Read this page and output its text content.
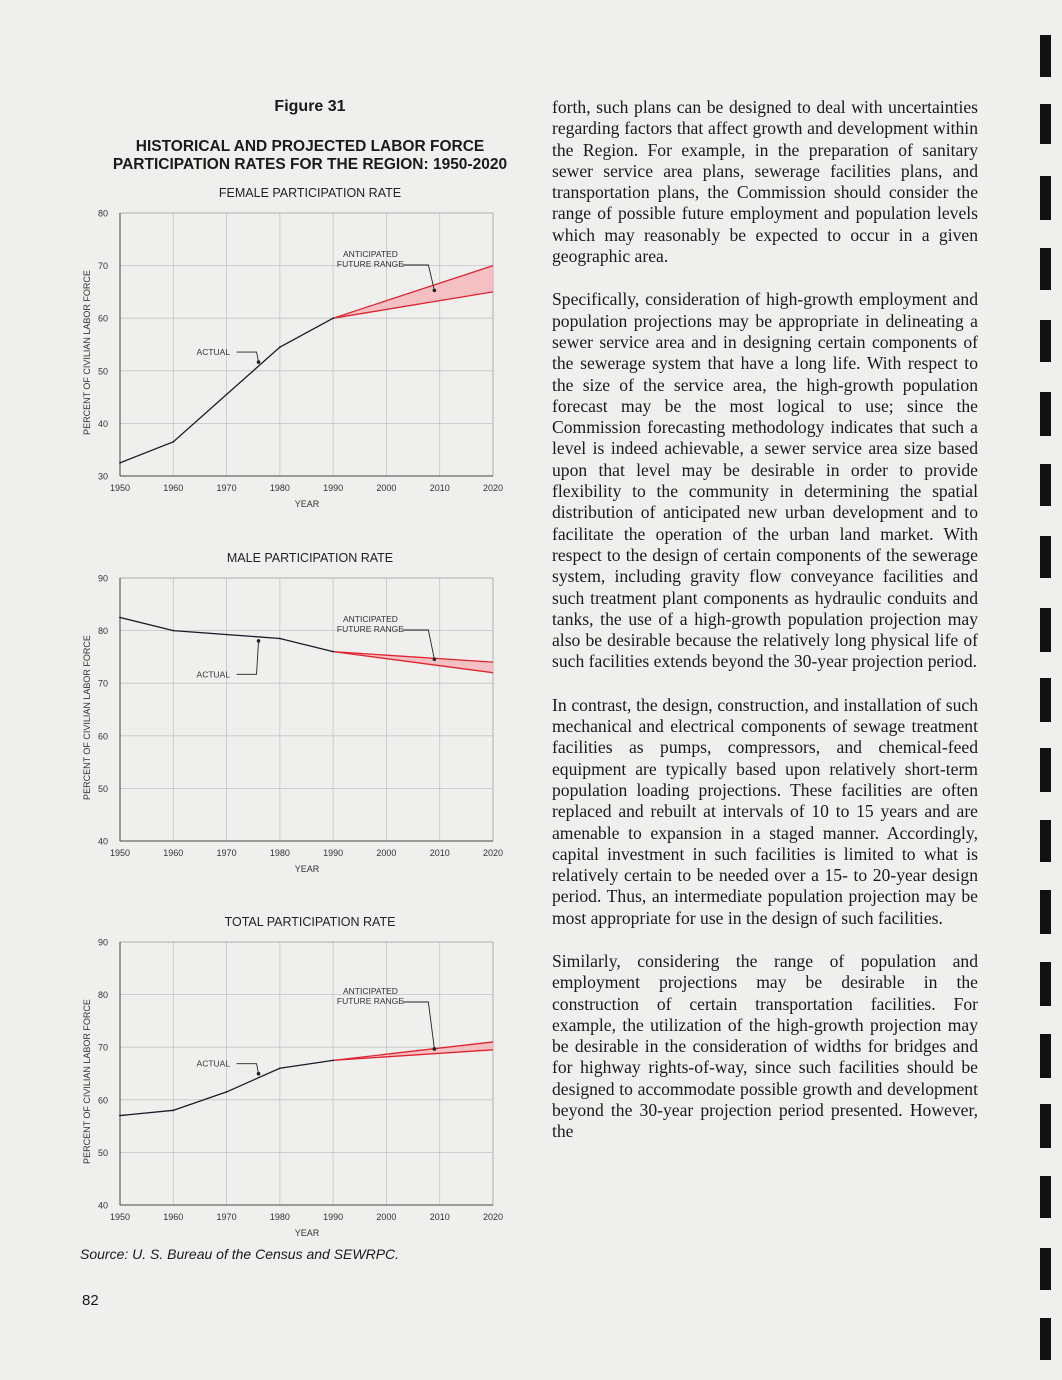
Figure 31
HISTORICAL AND PROJECTED LABOR FORCE
PARTICIPATION RATES FOR THE REGION: 1950-2020
FEMALE PARTICIPATION RATE
30
40
50
60
70
80
1950	1960	1970	1980	1990	2000	2010	2020
YEAR
PERCENT OF CIVILIAN LABOR FORCE	ACTUAL
ANTICIPATED
FUTURE RANGE
MALE PARTICIPATION RATE
40
50
60
70
80
90
1950	1960	1970	1980	1990	2000	2010	2020
YEAR
PERCENT OF CIVILIAN LABOR FORCE	ACTUAL
ANTICIPATED
FUTURE RANGE
TOTAL PARTICIPATION RATE
40
50
60
70
80
90
1950	1960	1970	1980	1990	2000	2010	2020
YEAR
PERCENT OF CIVILIAN LABOR FORCE	ACTUAL
ANTICIPATED
FUTURE RANGE
Source: U. S. Bureau of the Census and SEWRPC.
82

forth, such plans can be designed to deal with uncertainties regarding factors that affect growth and development within the Region. For example, in the preparation of sanitary sewer service area plans, sewerage facilities plans, and transportation plans, the Commission should consider the range of possible future employment and population levels which may reasonably be expected to occur in a given geographic area.

Specifically, consideration of high-growth employment and population projections may be appropriate in delineating a sewer service area and in designing certain components of the sewerage system that have a long life. With respect to the size of the service area, the high-growth population forecast may be the most logical to use; since the Commission forecasting methodology indicates that such a level is indeed achievable, a sewer service area size based upon that level may be desirable in order to provide flexibility to the community in determining the spatial distribution of anticipated new urban development and to facilitate the operation of the urban land market. With respect to the design of certain components of the sewerage system, including gravity flow conveyance facilities and such treatment plant components as hydraulic conduits and tanks, the use of a high-growth population projection may also be desirable because the relatively long physical life of such facilities extends beyond the 30-year projection period.

In contrast, the design, construction, and installation of such mechanical and electrical components of sewage treatment facilities as pumps, compressors, and chemical-feed equipment are typically based upon relatively short-term population loading projections. These facilities are often replaced and rebuilt at intervals of 10 to 15 years and are amenable to expansion in a staged manner. Accordingly, capital investment in such facilities is limited to what is relatively certain to be needed over a 15- to 20-year design period. Thus, an intermediate population projection may be most appropriate for use in the design of such facilities.

Similarly, considering the range of population and employment projections may be desirable in the construction of certain transportation facilities. For example, the utilization of the high-growth projection may be desirable in the consideration of widths for bridges and for highway rights-of-way, since such facilities should be designed to accommodate possible growth and development beyond the 30-year projection period presented. However, the
